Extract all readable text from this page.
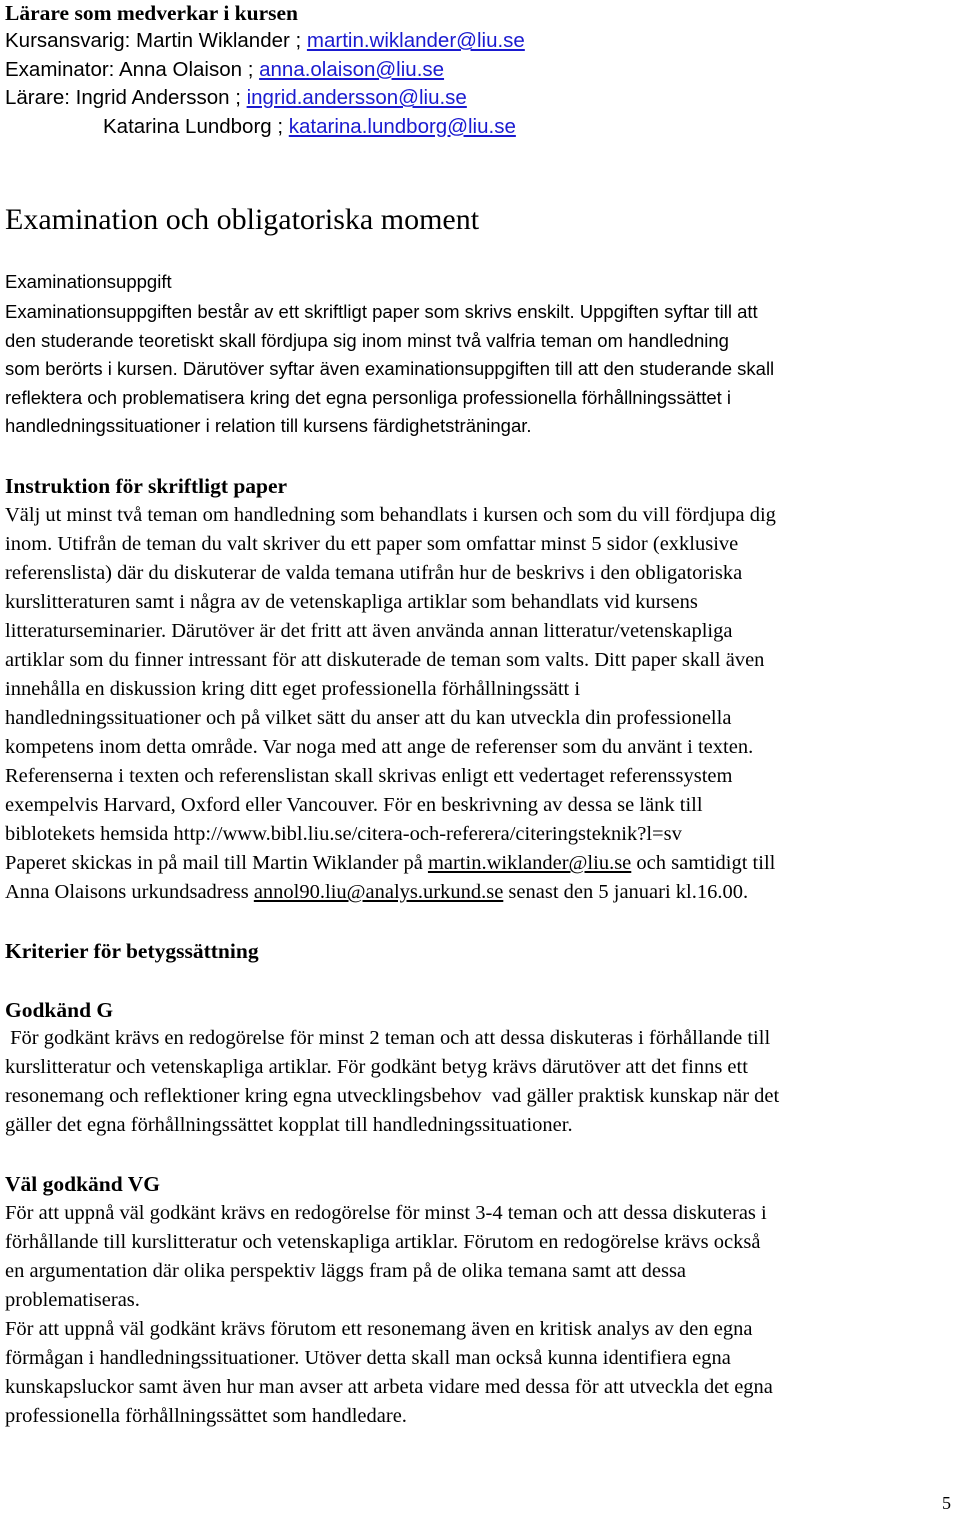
Lärare som medverkar i kursen
Kursansvarig: Martin Wiklander ; martin.wiklander@liu.se
Examinator: Anna Olaison ; anna.olaison@liu.se
Lärare: Ingrid Andersson ; ingrid.andersson@liu.se
Katarina Lundborg ; katarina.lundborg@liu.se
Examination och obligatoriska moment
Examinationsuppgift
Examinationsuppgiften består av ett skriftligt paper som skrivs enskilt. Uppgiften syftar till att
den studerande teoretiskt skall fördjupa sig inom minst två valfria teman om handledning
som berörts i kursen. Därutöver syftar även examinationsuppgiften till att den studerande skall
reflektera och problematisera kring det egna personliga professionella förhållningssättet i
handledningssituationer i relation till kursens färdighetsträningar.
Instruktion för skriftligt paper
Välj ut minst två teman om handledning som behandlats i kursen och som du vill fördjupa dig
inom. Utifrån de teman du valt skriver du ett paper som omfattar minst 5 sidor (exklusive
referenslista) där du diskuterar de valda temana utifrån hur de beskrivs i den obligatoriska
kurslitteraturen samt i några av de vetenskapliga artiklar som behandlats vid kursens
litteraturseminarier. Därutöver är det fritt att även använda annan litteratur/vetenskapliga
artiklar som du finner intressant för att diskuterade de teman som valts. Ditt paper skall även
innehålla en diskussion kring ditt eget professionella förhållningssätt i
handledningssituationer och på vilket sätt du anser att du kan utveckla din professionella
kompetens inom detta område. Var noga med att ange de referenser som du använt i texten.
Referenserna i texten och referenslistan skall skrivas enligt ett vedertaget referenssystem
exempelvis Harvard, Oxford eller Vancouver. För en beskrivning av dessa se länk till
biblotekets hemsida http://www.bibl.liu.se/citera-och-referera/citeringsteknik?l=sv
Paperet skickas in på mail till Martin Wiklander på martin.wiklander@liu.se och samtidigt till
Anna Olaisons urkundsadress annol90.liu@analys.urkund.se senast den 5 januari kl.16.00.
Kriterier för betygssättning
Godkänd G
För godkänt krävs en redogörelse för minst 2 teman och att dessa diskuteras i förhållande till
kurslitteratur och vetenskapliga artiklar. För godkänt betyg krävs därutöver att det finns ett
resonemang och reflektioner kring egna utvecklingsbehov  vad gäller praktisk kunskap när det
gäller det egna förhållningssättet kopplat till handledningssituationer.
Väl godkänd VG
För att uppnå väl godkänt krävs en redogörelse för minst 3-4 teman och att dessa diskuteras i
förhållande till kurslitteratur och vetenskapliga artiklar. Förutom en redogörelse krävs också
en argumentation där olika perspektiv läggs fram på de olika temana samt att dessa
problematiseras.
För att uppnå väl godkänt krävs förutom ett resonemang även en kritisk analys av den egna
förmågan i handledningssituationer. Utöver detta skall man också kunna identifiera egna
kunskapsluckor samt även hur man avser att arbeta vidare med dessa för att utveckla det egna
professionella förhållningssättet som handledare.
5
